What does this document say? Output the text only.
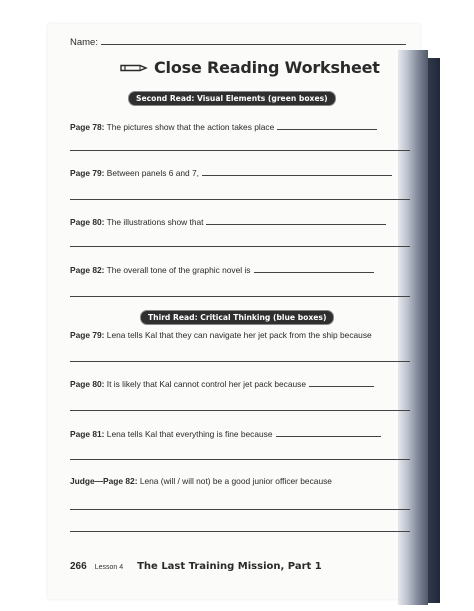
Name:
Close Reading Worksheet
Second Read: Visual Elements (green boxes)
Page 78: The pictures show that the action takes place
Page 79: Between panels 6 and 7,
Page 80: The illustrations show that
Page 82: The overall tone of the graphic novel is
Third Read: Critical Thinking (blue boxes)
Page 79: Lena tells Kal that they can navigate her jet pack from the ship because
Page 80: It is likely that Kal cannot control her jet pack because
Page 81: Lena tells Kal that everything is fine because
Judge—Page 82: Lena (will / will not) be a good junior officer because
266 Lesson 4 The Last Training Mission, Part 1
